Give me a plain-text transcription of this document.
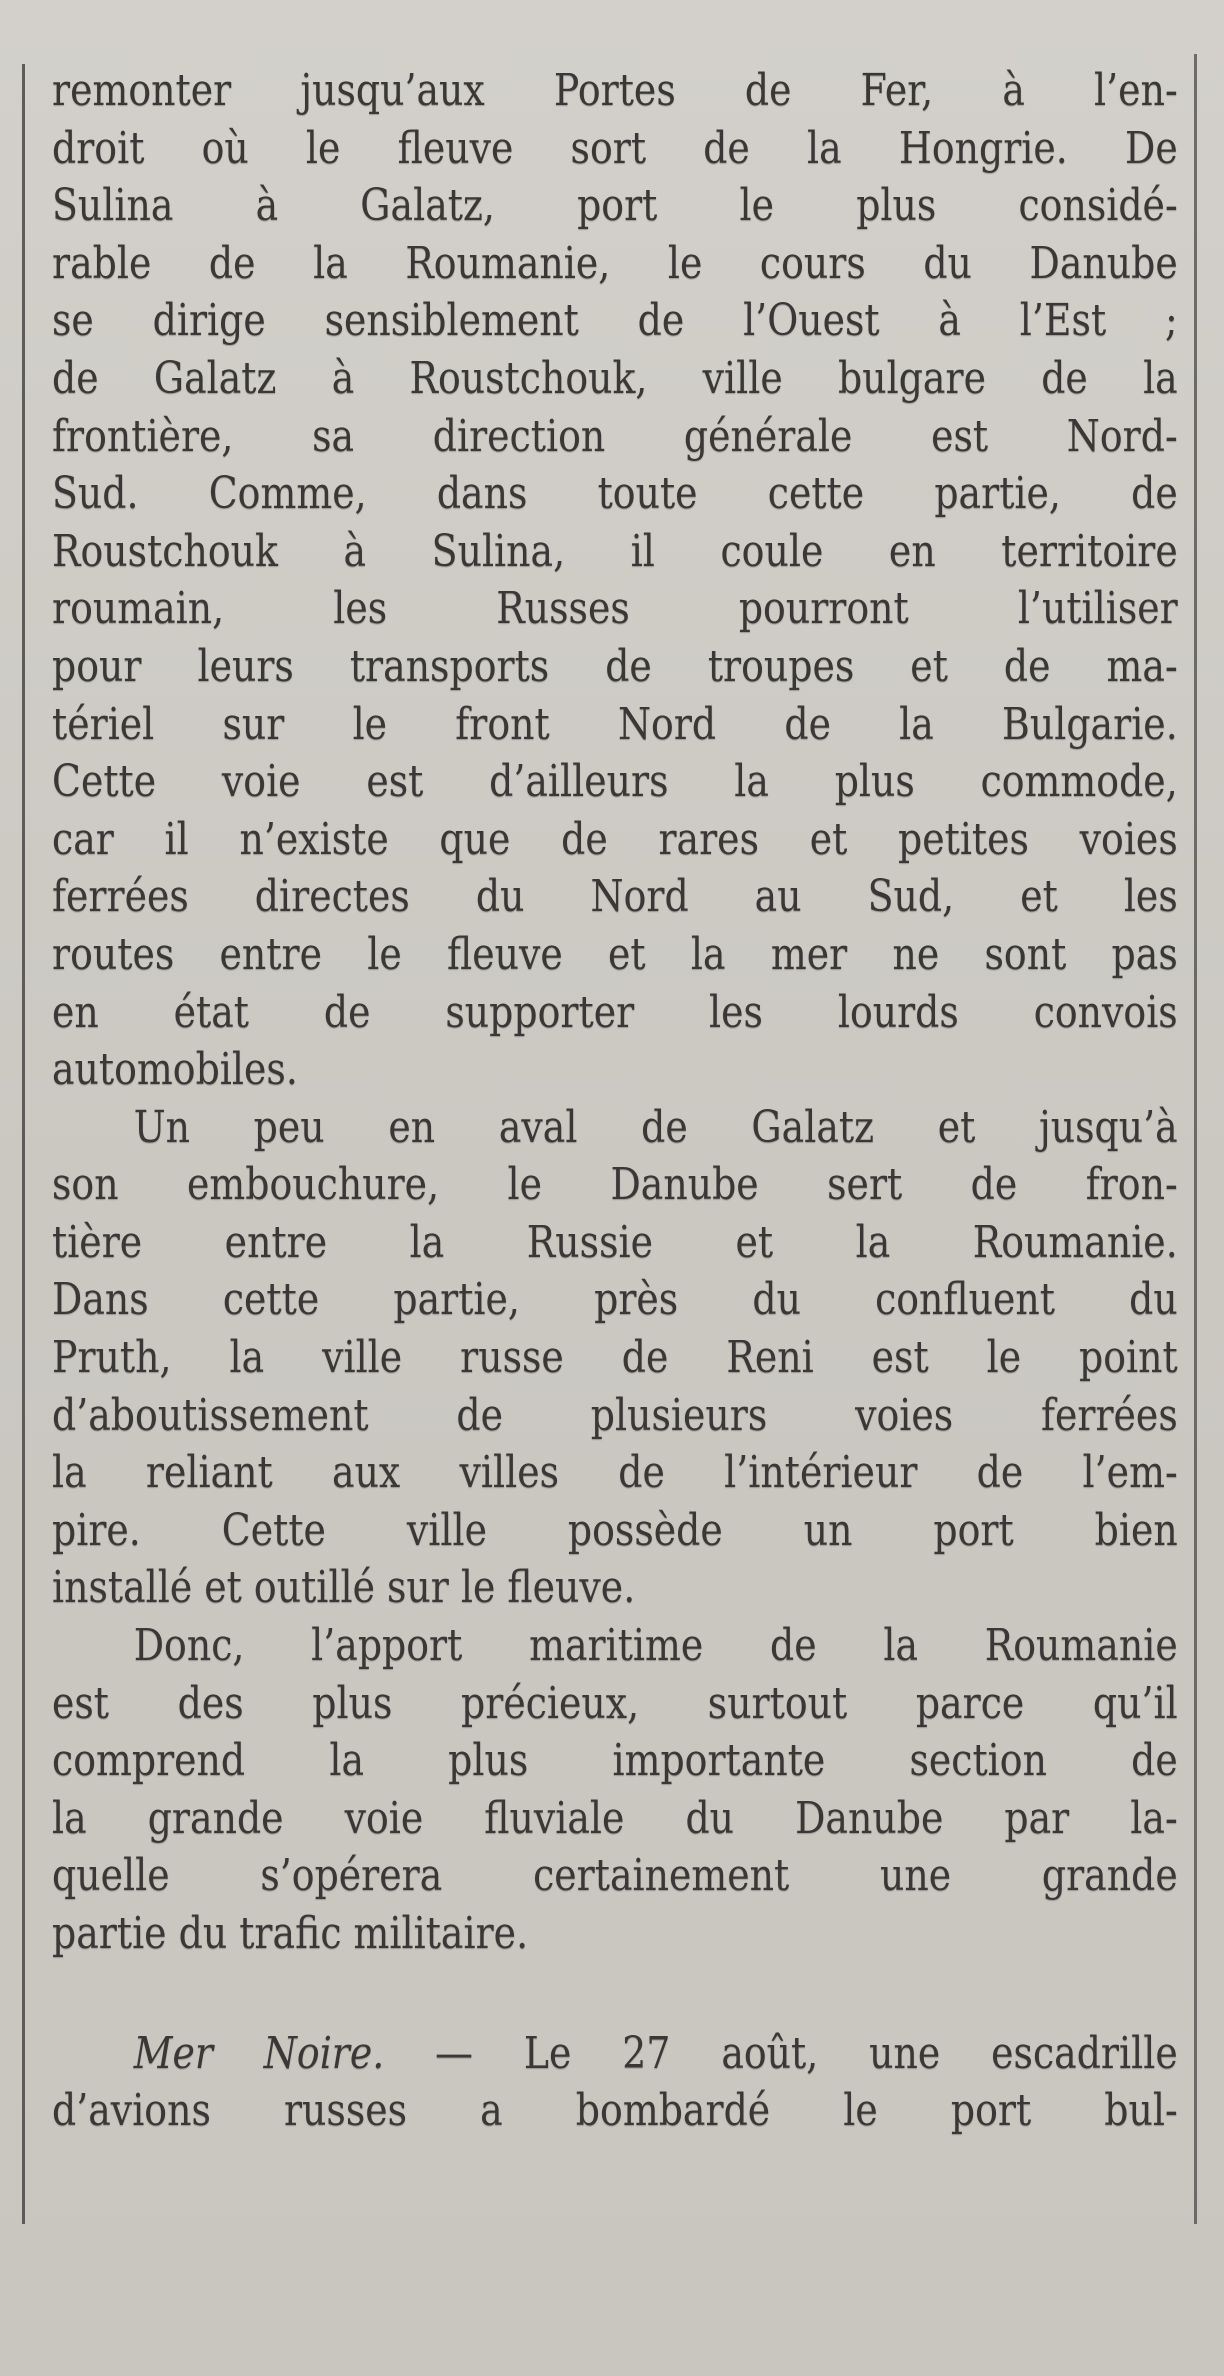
remonter jusqu’aux Portes de Fer, à l’en-
droit où le fleuve sort de la Hongrie. De
Sulina à Galatz, port le plus considé-
rable de la Roumanie, le cours du Danube
se dirige sensiblement de l’Ouest à l’Est ;
de Galatz à Roustchouk, ville bulgare de la
frontière, sa direction générale est Nord-
Sud. Comme, dans toute cette partie, de
Roustchouk à Sulina, il coule en territoire
roumain, les Russes pourront l’utiliser
pour leurs transports de troupes et de ma-
tériel sur le front Nord de la Bulgarie.
Cette voie est d’ailleurs la plus commode,
car il n’existe que de rares et petites voies
ferrées directes du Nord au Sud, et les
routes entre le fleuve et la mer ne sont pas
en état de supporter les lourds convois
automobiles.
Un peu en aval de Galatz et jusqu’à
son embouchure, le Danube sert de fron-
tière entre la Russie et la Roumanie.
Dans cette partie, près du confluent du
Pruth, la ville russe de Reni est le point
d’aboutissement de plusieurs voies ferrées
la reliant aux villes de l’intérieur de l’em-
pire. Cette ville possède un port bien
installé et outillé sur le fleuve.
Donc, l’apport maritime de la Roumanie
est des plus précieux, surtout parce qu’il
comprend la plus importante section de
la grande voie fluviale du Danube par la-
quelle s’opérera certainement une grande
partie du trafic militaire.
Mer Noire. — Le 27 août, une escadrille
d’avions russes a bombardé le port bul-
